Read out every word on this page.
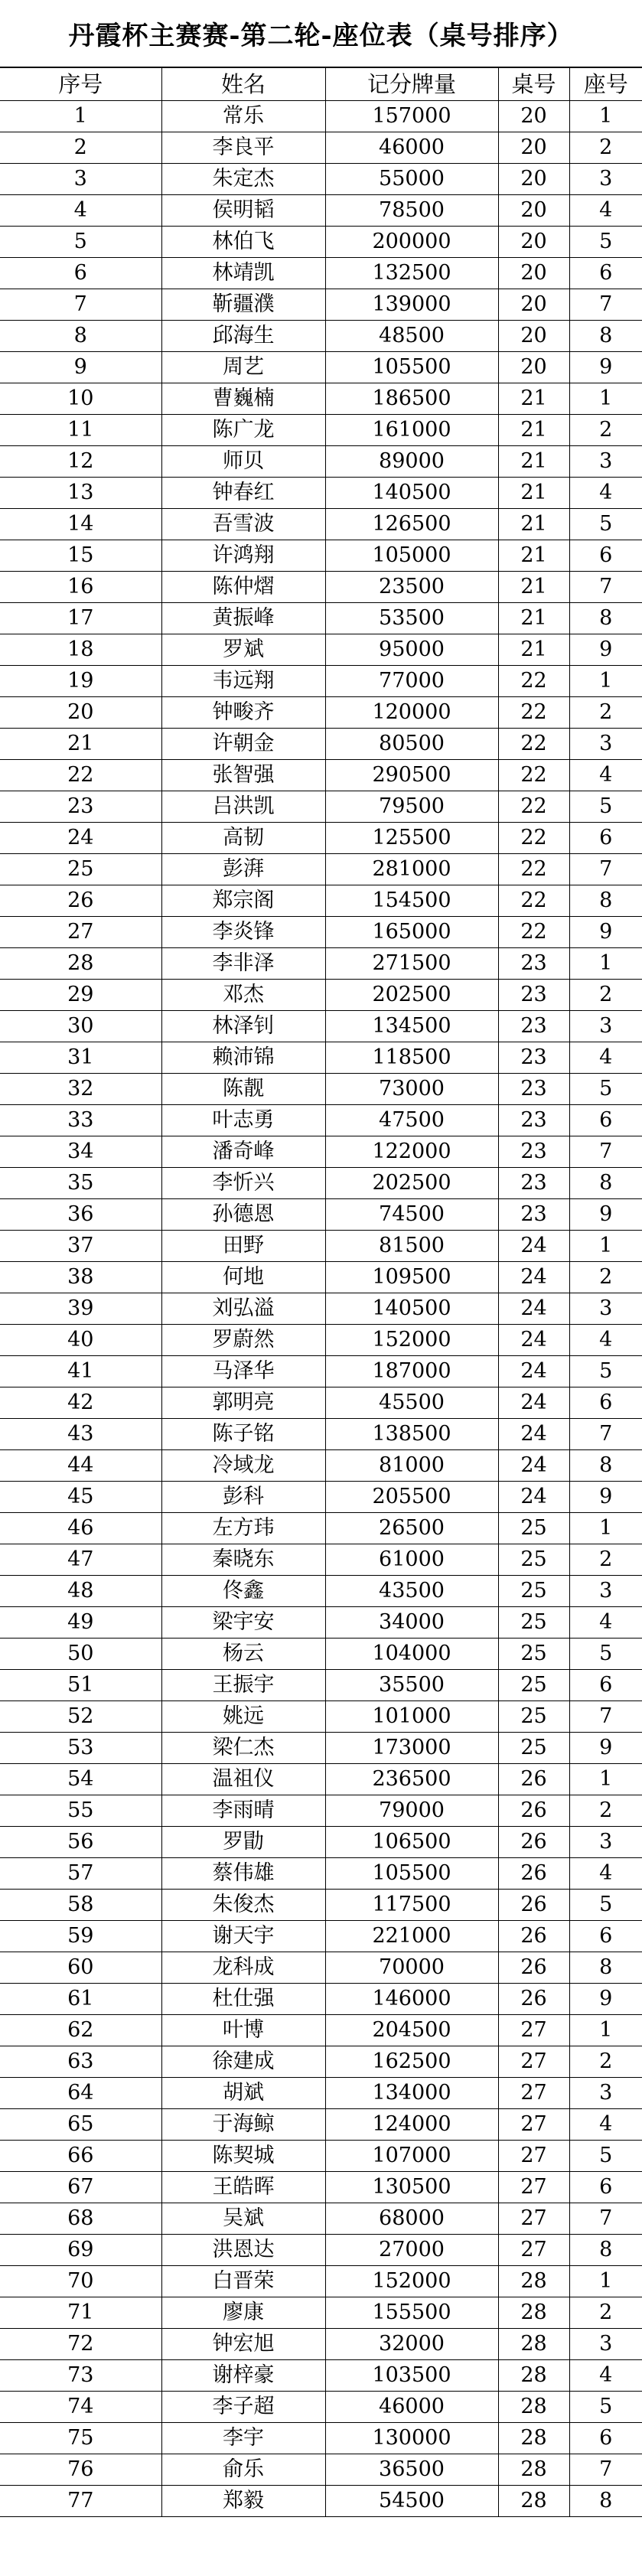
丹霞杯主赛赛-第二轮-座位表（桌号排序）
序号	姓名	记分牌量	桌号	座号
1	常乐	157000	20	1
2	李良平	46000	20	2
3	朱定杰	55000	20	3
4	侯明韬	78500	20	4
5	林伯飞	200000	20	5
6	林靖凯	132500	20	6
7	靳疆濮	139000	20	7
8	邱海生	48500	20	8
9	周艺	105500	20	9
10	曹巍楠	186500	21	1
11	陈广龙	161000	21	2
12	师贝	89000	21	3
13	钟春红	140500	21	4
14	吾雪波	126500	21	5
15	许鸿翔	105000	21	6
16	陈仲熠	23500	21	7
17	黄振峰	53500	21	8
18	罗斌	95000	21	9
19	韦远翔	77000	22	1
20	钟畯齐	120000	22	2
21	许朝金	80500	22	3
22	张智强	290500	22	4
23	吕洪凯	79500	22	5
24	高韧	125500	22	6
25	彭湃	281000	22	7
26	郑宗阁	154500	22	8
27	李炎锋	165000	22	9
28	李非泽	271500	23	1
29	邓杰	202500	23	2
30	林泽钊	134500	23	3
31	赖沛锦	118500	23	4
32	陈靓	73000	23	5
33	叶志勇	47500	23	6
34	潘奇峰	122000	23	7
35	李忻兴	202500	23	8
36	孙德恩	74500	23	9
37	田野	81500	24	1
38	何地	109500	24	2
39	刘弘溢	140500	24	3
40	罗蔚然	152000	24	4
41	马泽华	187000	24	5
42	郭明亮	45500	24	6
43	陈子铭	138500	24	7
44	冷域龙	81000	24	8
45	彭科	205500	24	9
46	左方玮	26500	25	1
47	秦晓东	61000	25	2
48	佟鑫	43500	25	3
49	梁宇安	34000	25	4
50	杨云	104000	25	5
51	王振宇	35500	25	6
52	姚远	101000	25	7
53	梁仁杰	173000	25	9
54	温祖仪	236500	26	1
55	李雨晴	79000	26	2
56	罗勖	106500	26	3
57	蔡伟雄	105500	26	4
58	朱俊杰	117500	26	5
59	谢天宇	221000	26	6
60	龙科成	70000	26	8
61	杜仕强	146000	26	9
62	叶博	204500	27	1
63	徐建成	162500	27	2
64	胡斌	134000	27	3
65	于海鲸	124000	27	4
66	陈契城	107000	27	5
67	王皓晖	130500	27	6
68	吴斌	68000	27	7
69	洪恩达	27000	27	8
70	白晋荣	152000	28	1
71	廖康	155500	28	2
72	钟宏旭	32000	28	3
73	谢梓豪	103500	28	4
74	李子超	46000	28	5
75	李宇	130000	28	6
76	俞乐	36500	28	7
77	郑毅	54500	28	8
